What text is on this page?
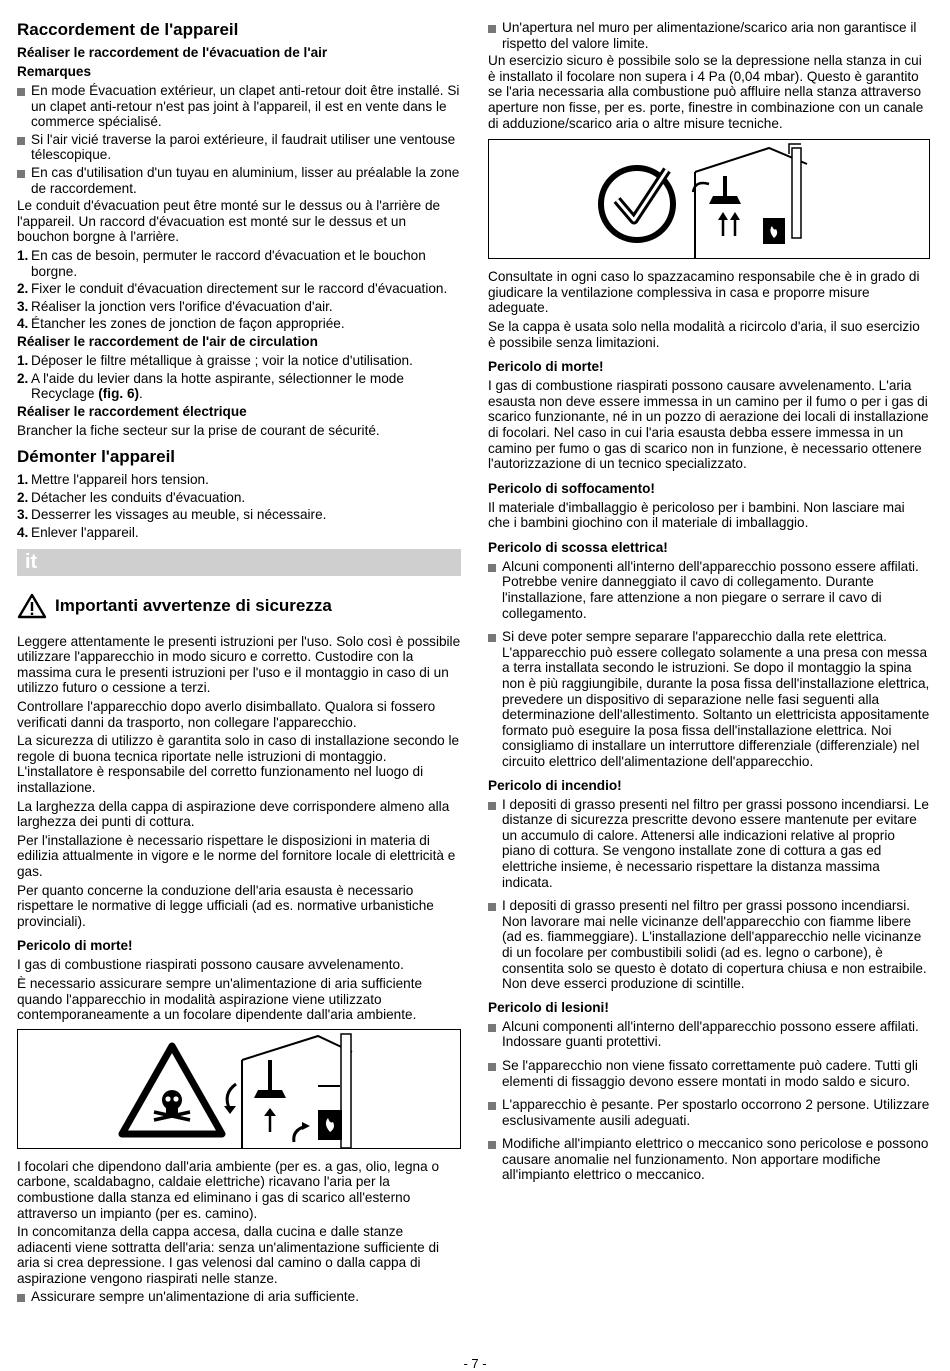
Raccordement de l'appareil
Réaliser le raccordement de l'évacuation de l'air
Remarques
En mode Évacuation extérieur, un clapet anti-retour doit être installé. Si un clapet anti-retour n'est pas joint à l'appareil, il est en vente dans le commerce spécialisé.
Si l'air vicié traverse la paroi extérieure, il faudrait utiliser une ventouse télescopique.
En cas d'utilisation d'un tuyau en aluminium, lisser au préalable la zone de raccordement.

Le conduit d'évacuation peut être monté sur le dessus ou à l'arrière de l'appareil. Un raccord d'évacuation est monté sur le dessus et un bouchon borgne à l'arrière.

1. En cas de besoin, permuter le raccord d'évacuation et le bouchon borgne.
2. Fixer le conduit d'évacuation directement sur le raccord d'évacuation.
3. Réaliser la jonction vers l'orifice d'évacuation d'air.
4. Étancher les zones de jonction de façon appropriée.
Réaliser le raccordement de l'air de circulation
1. Déposer le filtre métallique à graisse ; voir la notice d'utilisation.
2. A l'aide du levier dans la hotte aspirante, sélectionner le mode Recyclage (fig. 6).
Réaliser le raccordement électrique

Brancher la fiche secteur sur la prise de courant de sécurité.

Démonter l'appareil
1. Mettre l'appareil hors tension.
2. Détacher les conduits d'évacuation.
3. Desserrer les vissages au meuble, si nécessaire.
4. Enlever l'appareil.
it
Importanti avvertenze di sicurezza

Leggere attentamente le presenti istruzioni per l'uso. Solo così è possibile utilizzare l'apparecchio in modo sicuro e corretto. Custodire con la massima cura le presenti istruzioni per l'uso e il montaggio in caso di un utilizzo futuro o cessione a terzi.

Controllare l'apparecchio dopo averlo disimballato. Qualora si fossero verificati danni da trasporto, non collegare l'apparecchio.

La sicurezza di utilizzo è garantita solo in caso di installazione secondo le regole di buona tecnica riportate nelle istruzioni di montaggio. L'installatore è responsabile del corretto funzionamento nel luogo di installazione.

La larghezza della cappa di aspirazione deve corrispondere almeno alla larghezza dei punti di cottura.

Per l'installazione è necessario rispettare le disposizioni in materia di edilizia attualmente in vigore e le norme del fornitore locale di elettricità e gas.

Per quanto concerne la conduzione dell'aria esausta è necessario rispettare le normative di legge ufficiali (ad es. normative urbanistiche provinciali).

Pericolo di morte!

I gas di combustione riaspirati possono causare avvelenamento.

È necessario assicurare sempre un'alimentazione di aria sufficiente quando l'apparecchio in modalità aspirazione viene utilizzato contemporaneamente a un focolare dipendente dall'aria ambiente.

I focolari che dipendono dall'aria ambiente (per es. a gas, olio, legna o carbone, scaldabagno, caldaie elettriche) ricavano l'aria per la combustione dalla stanza ed eliminano i gas di scarico all'esterno attraverso un impianto (per es. camino).

In concomitanza della cappa accesa, dalla cucina e dalle stanze adiacenti viene sottratta dell'aria: senza un'alimentazione sufficiente di aria si crea depressione. I gas velenosi dal camino o dalla cappa di aspirazione vengono riaspirati nelle stanze.

Assicurare sempre un'alimentazione di aria sufficiente.
Un'apertura nel muro per alimentazione/scarico aria non garantisce il rispetto del valore limite.

Un esercizio sicuro è possibile solo se la depressione nella stanza in cui è installato il focolare non supera i 4 Pa (0,04 mbar). Questo è garantito se l'aria necessaria alla combustione può affluire nella stanza attraverso aperture non fisse, per es. porte, finestre in combinazione con un canale di adduzione/scarico aria o altre misure tecniche.

Consultate in ogni caso lo spazzacamino responsabile che è in grado di giudicare la ventilazione complessiva in casa e proporre misure adeguate.

Se la cappa è usata solo nella modalità a ricircolo d'aria, il suo esercizio è possibile senza limitazioni.

Pericolo di morte!

I gas di combustione riaspirati possono causare avvelenamento. L'aria esausta non deve essere immessa in un camino per il fumo o per i gas di scarico funzionante, né in un pozzo di aerazione dei locali di installazione di focolari. Nel caso in cui l'aria esausta debba essere immessa in un camino per fumo o gas di scarico non in funzione, è necessario ottenere l'autorizzazione di un tecnico specializzato.

Pericolo di soffocamento!

Il materiale d'imballaggio è pericoloso per i bambini. Non lasciare mai che i bambini giochino con il materiale di imballaggio.

Pericolo di scossa elettrica!
Alcuni componenti all'interno dell'apparecchio possono essere affilati. Potrebbe venire danneggiato il cavo di collegamento. Durante l'installazione, fare attenzione a non piegare o serrare il cavo di collegamento.
Si deve poter sempre separare l'apparecchio dalla rete elettrica. L'apparecchio può essere collegato solamente a una presa con messa a terra installata secondo le istruzioni. Se dopo il montaggio la spina non è più raggiungibile, durante la posa fissa dell'installazione elettrica, prevedere un dispositivo di separazione nelle fasi seguenti alla determinazione dell'allestimento. Soltanto un elettricista appositamente formato può eseguire la posa fissa dell'installazione elettrica. Noi consigliamo di installare un interruttore differenziale (differenziale) nel circuito elettrico dell'alimentazione dell'apparecchio.
Pericolo di incendio!
I depositi di grasso presenti nel filtro per grassi possono incendiarsi. Le distanze di sicurezza prescritte devono essere mantenute per evitare un accumulo di calore. Attenersi alle indicazioni relative al proprio piano di cottura. Se vengono installate zone di cottura a gas ed elettriche insieme, è necessario rispettare la distanza massima indicata.
I depositi di grasso presenti nel filtro per grassi possono incendiarsi. Non lavorare mai nelle vicinanze dell'apparecchio con fiamme libere (ad es. fiammeggiare). L'installazione dell'apparecchio nelle vicinanze di un focolare per combustibili solidi (ad es. legno o carbone), è consentita solo se questo è dotato di copertura chiusa e non estraibile. Non deve esserci produzione di scintille.
Pericolo di lesioni!
Alcuni componenti all'interno dell'apparecchio possono essere affilati. Indossare guanti protettivi.
Se l'apparecchio non viene fissato correttamente può cadere. Tutti gli elementi di fissaggio devono essere montati in modo saldo e sicuro.
L'apparecchio è pesante. Per spostarlo occorrono 2 persone. Utilizzare esclusivamente ausili adeguati.
Modifiche all'impianto elettrico o meccanico sono pericolose e possono causare anomalie nel funzionamento. Non apportare modifiche all'impianto elettrico o meccanico.
- 7 -
